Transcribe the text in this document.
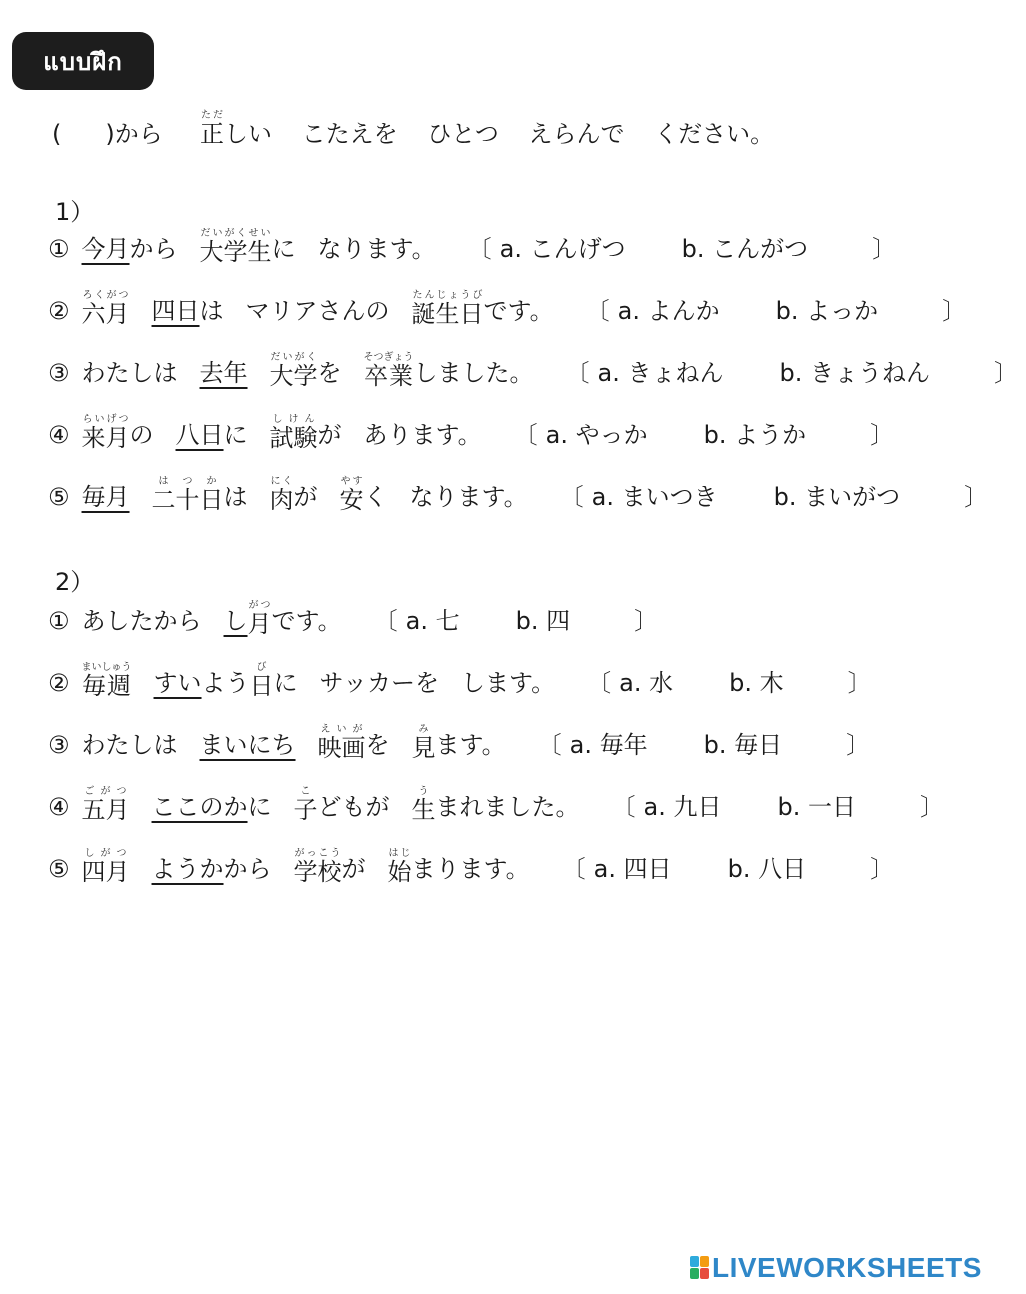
แบบฝึก
( )から 正ただしい こたえを ひとつ えらんで ください。
1）
① 今月 から 大学生だいがくせい
に なります。 〔 a. こんげつ b. こんがつ	〕
② 六月ろくがつ
四日 は マリアさんの 誕生日たんじょうび
です。 〔 a. よんか b. よっか	〕
③ わたしは 去年 大学だいがく
を 卒業そつぎょう
しました。 〔 a. きょねん b. きょうねん	〕
④ 来月らいげつ
の 八日 に 試験しけん
が あります。 〔 a. やっか b. ようか	〕
⑤ 毎月 二十日はつか
は 肉にく
が 安やす
く なります。 〔 a. まいつき b. まいがつ	〕
2）
① あしたから し 月がつ
です。 〔 a. 七 b. 四	〕
② 毎週まいしゅう
すい よう 日び
に サッカーを します。 〔 a. 水 b. 木	〕
③ わたしは まいにち 映画えいが
を 見み
ます。 〔 a. 毎年 b. 毎日	〕
④ 五月ごがつ
ここのか に 子こ
どもが 生う
まれました。 〔 a. 九日 b. 一日	〕
⑤ 四月しがつ
ようか から 学校がっこう
が 始はじ
まります。 〔 a. 四日 b. 八日	〕
LIVEWORKSHEETS
